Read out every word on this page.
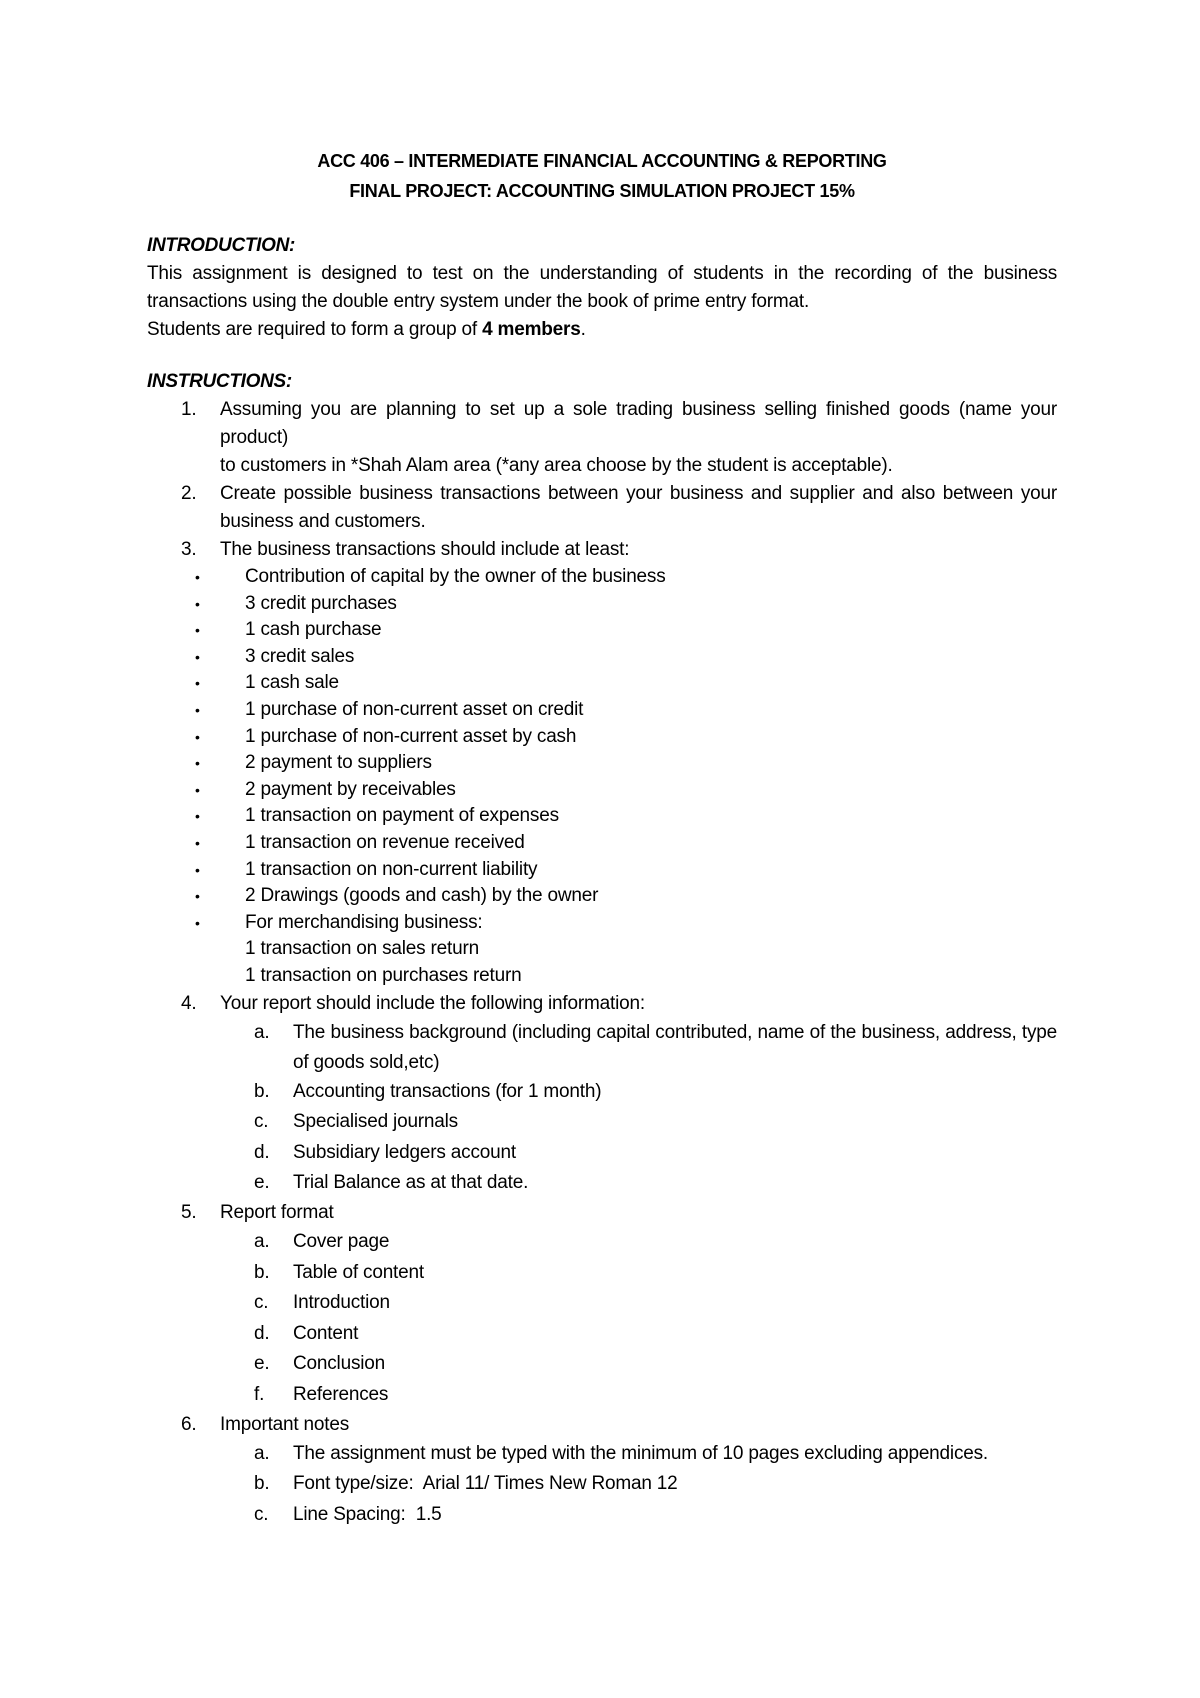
ACC 406 – INTERMEDIATE FINANCIAL ACCOUNTING & REPORTING
FINAL PROJECT: ACCOUNTING SIMULATION PROJECT 15%
INTRODUCTION:
This assignment is designed to test on the understanding of students in the recording of the business
transactions using the double entry system under the book of prime entry format.
Students are required to form a group of 4 members.
INSTRUCTIONS:
1.	Assuming you are planning to set up a sole trading business selling finished goods (name your product)
to customers in *Shah Alam area (*any area choose by the student is acceptable).
2.	Create possible business transactions between your business and supplier and also between your
business and customers.
3.	The business transactions should include at least:
• Contribution of capital by the owner of the business
• 3 credit purchases
• 1 cash purchase
• 3 credit sales
• 1 cash sale
• 1 purchase of non-current asset on credit
• 1 purchase of non-current asset by cash
• 2 payment to suppliers
• 2 payment by receivables
• 1 transaction on payment of expenses
• 1 transaction on revenue received
• 1 transaction on non-current liability
• 2 Drawings (goods and cash) by the owner
• For merchandising business:
1 transaction on sales return
1 transaction on purchases return
4.	Your report should include the following information:
a. The business background (including capital contributed, name of the business, address, type
of goods sold,etc)
b. Accounting transactions (for 1 month)
c. Specialised journals
d. Subsidiary ledgers account
e. Trial Balance as at that date.
5.	Report format
a. Cover page
b. Table of content
c. Introduction
d. Content
e. Conclusion
f. References
6.	Important notes
a. The assignment must be typed with the minimum of 10 pages excluding appendices.
b. Font type/size:  Arial 11/ Times New Roman 12
c. Line Spacing:  1.5
